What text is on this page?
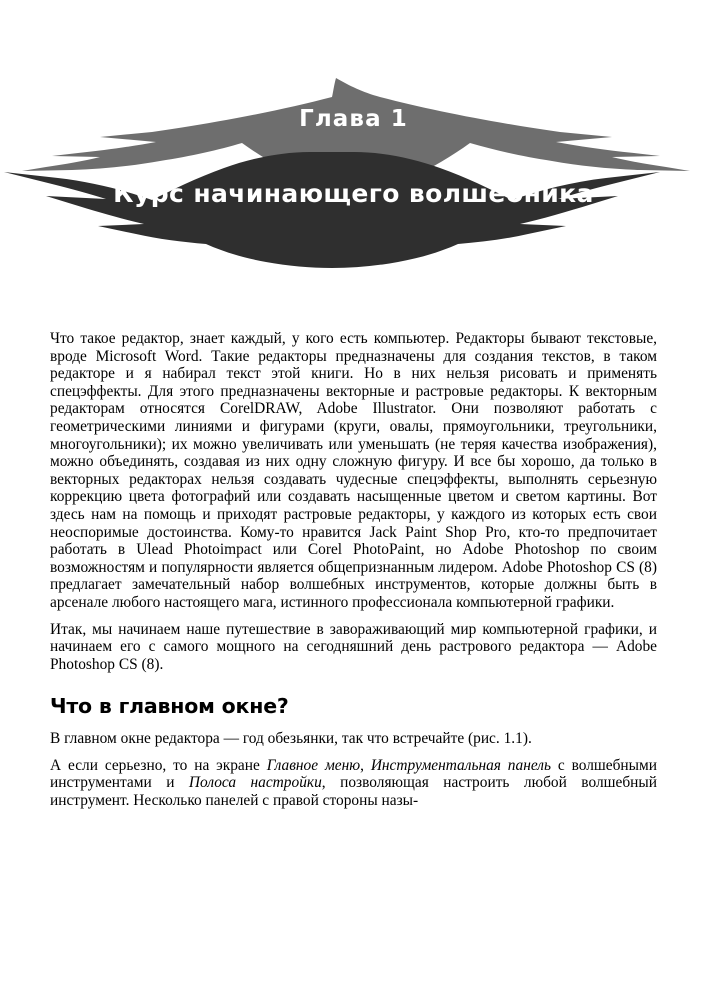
Глава 1
Курс начинающего волшебника

Что такое редактор, знает каждый, у кого есть компьютер. Редакторы бывают текстовые, вроде Microsoft Word. Такие редакторы предназначены для создания текстов, в таком редакторе и я набирал текст этой книги. Но в них нельзя рисовать и применять спецэффекты. Для этого предназначены векторные и растровые редакторы. К векторным редакторам относятся CorelDRAW, Adobe Illustrator. Они позволяют работать с геометрическими линиями и фигурами (круги, овалы, прямоугольники, треугольники, многоугольники); их можно увеличивать или уменьшать (не теряя качества изображения), можно объединять, создавая из них одну сложную фигуру. И все бы хорошо, да только в векторных редакторах нельзя создавать чудесные спецэффекты, выполнять серьезную коррекцию цвета фотографий или создавать насыщенные цветом и светом картины. Вот здесь нам на помощь и приходят растровые редакторы, у каждого из которых есть свои неоспоримые достоинства. Кому-то нравится Jack Paint Shop Pro, кто-то предпочитает работать в Ulead Photoimpact или Corel PhotoPaint, но Adobe Photoshop по своим возможностям и популярности является общепризнанным лидером. Adobe Photoshop CS (8) предлагает замечательный набор волшебных инструментов, которые должны быть в арсенале любого настоящего мага, истинного профессионала компьютерной графики.

Итак, мы начинаем наше путешествие в завораживающий мир компьютерной графики, и начинаем его с самого мощного на сегодняшний день растрового редактора — Adobe Photoshop CS (8).

Что в главном окне?

В главном окне редактора — год обезьянки, так что встречайте (рис. 1.1).

А если серьезно, то на экране Главное меню, Инструментальная панель с волшебными инструментами и Полоса настройки, позволяющая настроить любой волшебный инструмент. Несколько панелей с правой стороны назы-
